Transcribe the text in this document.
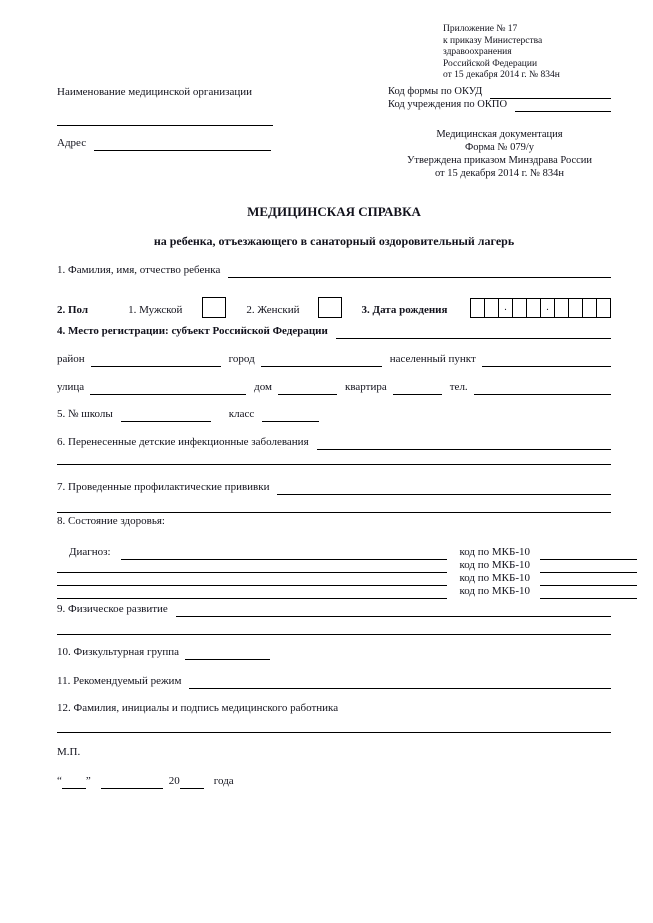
Приложение № 17
к приказу Министерства здравоохранения
Российской Федерации
от 15 декабря 2014 г. № 834н
Наименование медицинской организации
Адрес
Код формы по ОКУД
Код учреждения по ОКПО
Медицинская документация
Форма № 079/у
Утверждена приказом Минздрава России
от 15 декабря 2014 г. № 834н
МЕДИЦИНСКАЯ СПРАВКА
на ребенка, отъезжающего в санаторный оздоровительный лагерь
1. Фамилия, имя, отчество ребенка
2. Пол	1. Мужской	2. Женский	3. Дата рождения	.	.
4. Место регистрации: субъект Российской Федерации
район	город	населенный пункт
улица	дом	квартира	тел.
5. № школы	класс
6. Перенесенные детские инфекционные заболевания
7. Проведенные профилактические прививки
8. Состояние здоровья:
Диагноз:	код по МКБ-10
код по МКБ-10
код по МКБ-10
код по МКБ-10
9. Физическое развитие
10. Физкультурная группа
11. Рекомендуемый режим
12. Фамилия, инициалы и подпись медицинского работника
М.П.
“ ”	20	года
